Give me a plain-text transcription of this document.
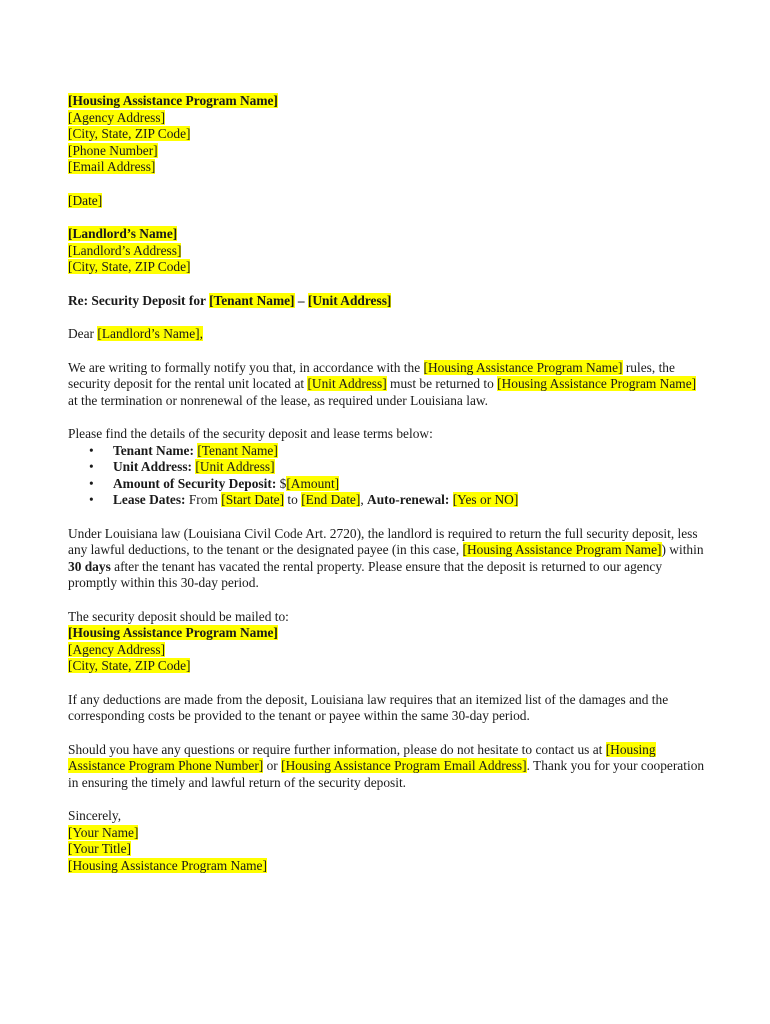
[Housing Assistance Program Name]
[Agency Address]
[City, State, ZIP Code]
[Phone Number]
[Email Address]
[Date]
[Landlord’s Name]
[Landlord’s Address]
[City, State, ZIP Code]
Re: Security Deposit for [Tenant Name] – [Unit Address]
Dear [Landlord’s Name],

We are writing to formally notify you that, in accordance with the [Housing Assistance Program Name] rules, the security deposit for the rental unit located at [Unit Address] must be returned to [Housing Assistance Program Name] at the termination or nonrenewal of the lease, as required under Louisiana law.

Please find the details of the security deposit and lease terms below:
• Tenant Name: [Tenant Name]
• Unit Address: [Unit Address]
• Amount of Security Deposit: $[Amount]
• Lease Dates: From [Start Date] to [End Date], Auto-renewal: [Yes or NO]

Under Louisiana law (Louisiana Civil Code Art. 2720), the landlord is required to return the full security deposit, less any lawful deductions, to the tenant or the designated payee (in this case, [Housing Assistance Program Name]) within 30 days after the tenant has vacated the rental property. Please ensure that the deposit is returned to our agency promptly within this 30-day period.

The security deposit should be mailed to:
[Housing Assistance Program Name]
[Agency Address]
[City, State, ZIP Code]

If any deductions are made from the deposit, Louisiana law requires that an itemized list of the damages and the corresponding costs be provided to the tenant or payee within the same 30-day period.

Should you have any questions or require further information, please do not hesitate to contact us at [Housing Assistance Program Phone Number] or [Housing Assistance Program Email Address]. Thank you for your cooperation in ensuring the timely and lawful return of the security deposit.

Sincerely,
[Your Name]
[Your Title]
[Housing Assistance Program Name]
